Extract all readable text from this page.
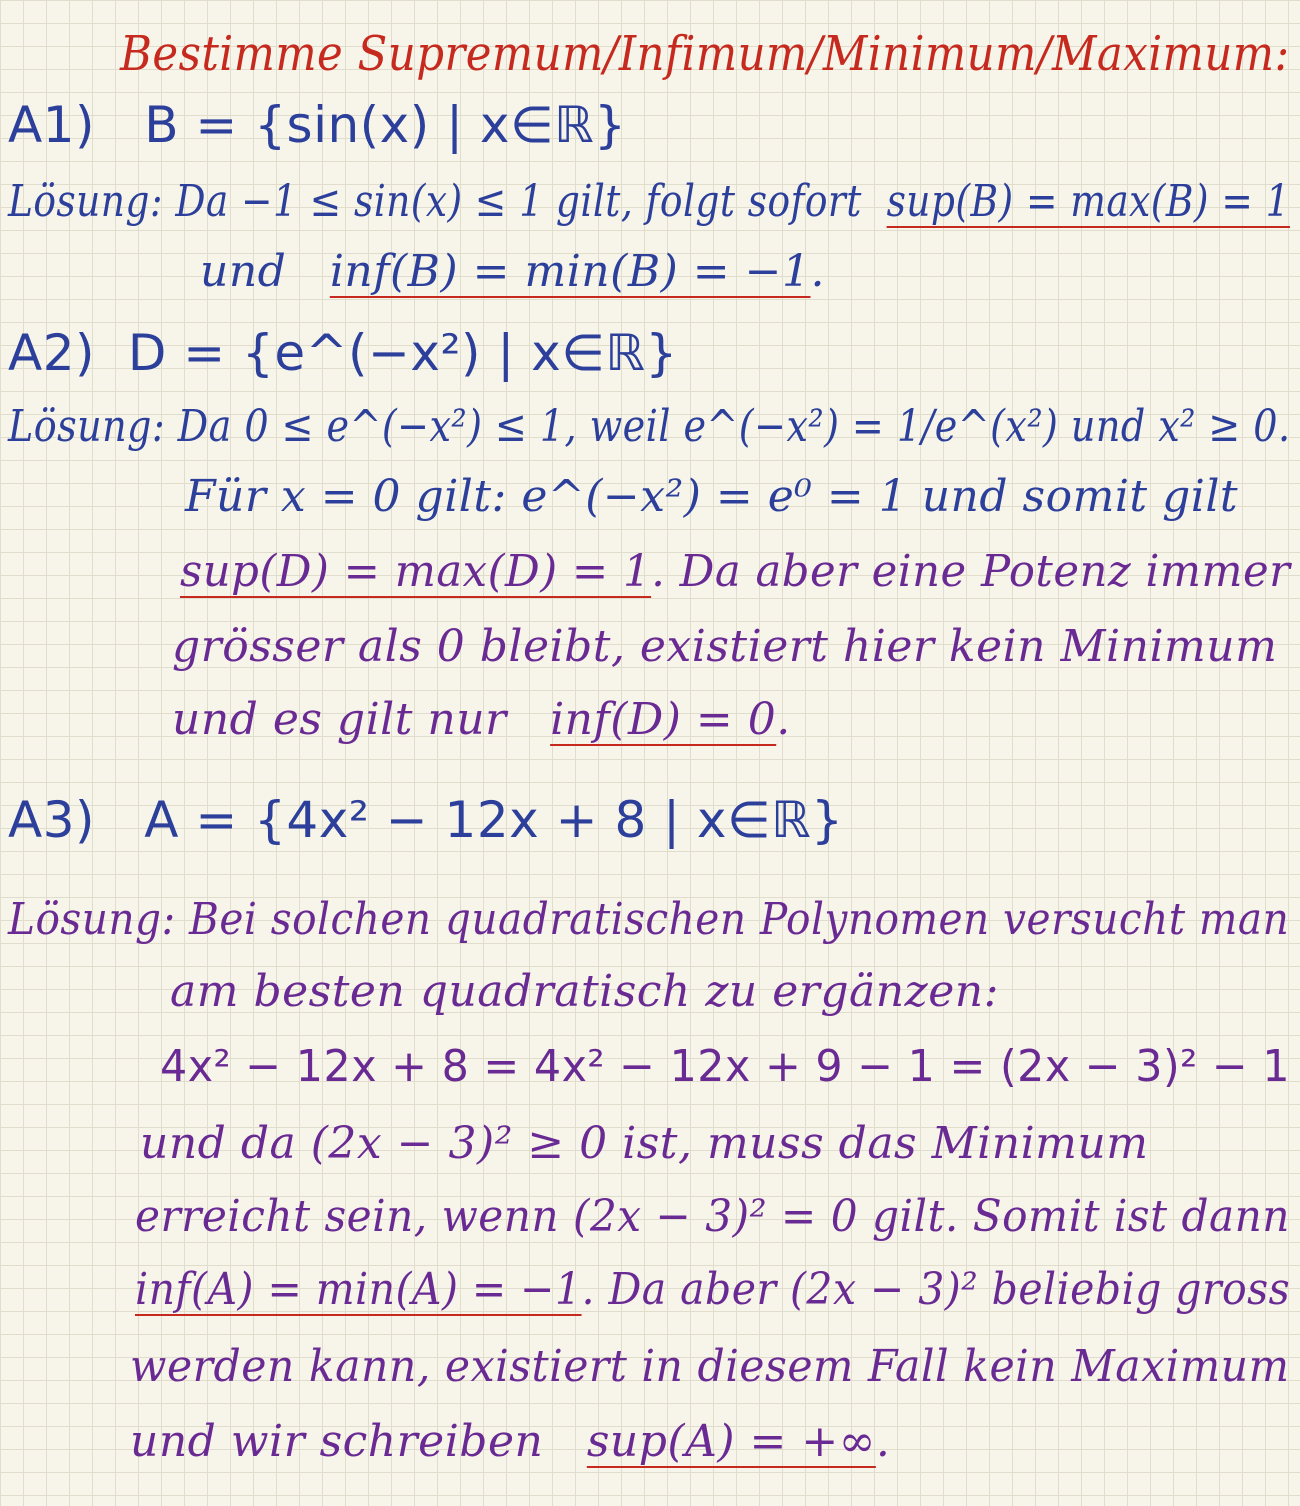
Bestimme Supremum/Infimum/Minimum/Maximum:
A1) B = {sin(x) | x∈ℝ}
Lösung: Da −1 ≤ sin(x) ≤ 1 gilt, folgt sofort sup(B) = max(B) = 1
und inf(B) = min(B) = −1.
A2) D = {e^(−x²) | x∈ℝ}
Lösung: Da 0 ≤ e^(−x²) ≤ 1, weil e^(−x²) = 1/e^(x²) und x² ≥ 0.
Für x = 0 gilt: e^(−x²) = e⁰ = 1 und somit gilt
sup(D) = max(D) = 1. Da aber eine Potenz immer
grösser als 0 bleibt, existiert hier kein Minimum
und es gilt nur inf(D) = 0.
A3) A = {4x² − 12x + 8 | x∈ℝ}
Lösung: Bei solchen quadratischen Polynomen versucht man
am besten quadratisch zu ergänzen:
4x² − 12x + 8 = 4x² − 12x + 9 − 1 = (2x − 3)² − 1
und da (2x − 3)² ≥ 0 ist, muss das Minimum
erreicht sein, wenn (2x − 3)² = 0 gilt. Somit ist dann
inf(A) = min(A) = −1. Da aber (2x − 3)² beliebig gross
werden kann, existiert in diesem Fall kein Maximum
und wir schreiben sup(A) = +∞.
